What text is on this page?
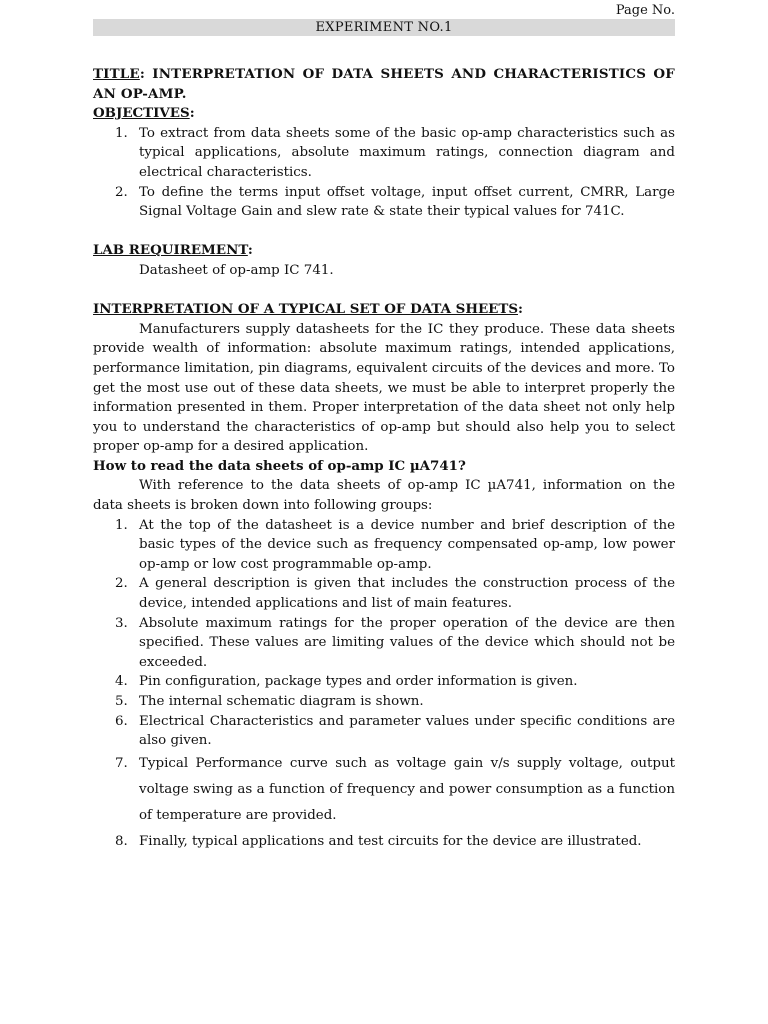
Page No.
EXPERIMENT NO.1

TITLE: INTERPRETATION OF DATA SHEETS AND CHARACTERISTICS OF AN OP-AMP.

OBJECTIVES:

1. To extract from data sheets some of the basic op-amp characteristics such as typical applications, absolute maximum ratings, connection diagram and electrical characteristics.
2. To define the terms input offset voltage, input offset current, CMRR, Large Signal Voltage Gain and slew rate & state their typical values for 741C.

LAB REQUIREMENT:

Datasheet of op-amp IC 741.

INTERPRETATION OF A TYPICAL SET OF DATA SHEETS:

Manufacturers supply datasheets for the IC they produce. These data sheets provide wealth of information: absolute maximum ratings, intended applications, performance limitation, pin diagrams, equivalent circuits of the devices and more. To get the most use out of these data sheets, we must be able to interpret properly the information presented in them. Proper interpretation of the data sheet not only help you to understand the characteristics of op-amp but should also help you to select proper op-amp for a desired application.

How to read the data sheets of op-amp IC µA741?

With reference to the data sheets of op-amp IC µA741, information on the data sheets is broken down into following groups:

1. At the top of the datasheet is a device number and brief description of the basic types of the device such as frequency compensated op-amp, low power op-amp or low cost programmable op-amp.
2. A general description is given that includes the construction process of the device, intended applications and list of main features.
3. Absolute maximum ratings for the proper operation of the device are then specified. These values are limiting values of the device which should not be exceeded.
4. Pin configuration, package types and order information is given.
5. The internal schematic diagram is shown.
6. Electrical Characteristics and parameter values under specific conditions are also given.
7. Typical Performance curve such as voltage gain v/s supply voltage, output voltage swing as a function of frequency and power consumption as a function of temperature are provided.
8. Finally, typical applications and test circuits for the device are illustrated.
